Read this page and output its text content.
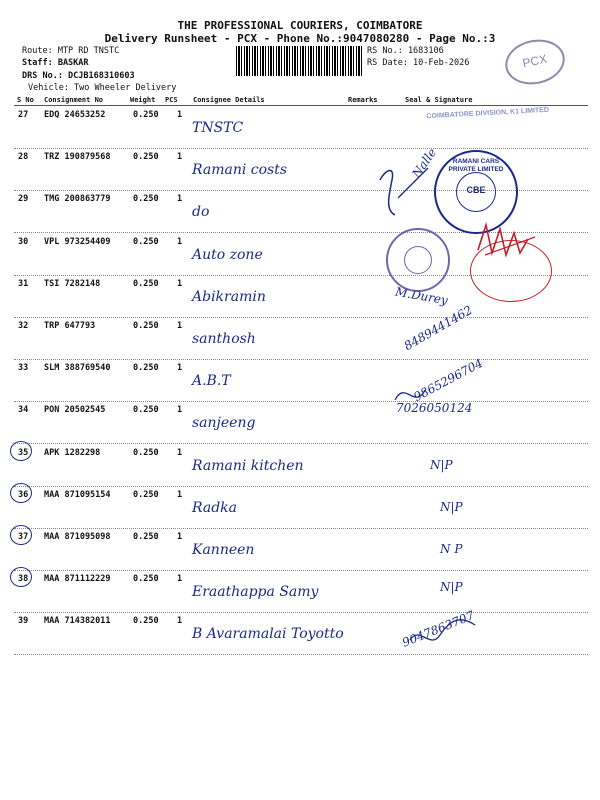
THE PROFESSIONAL COURIERS, COIMBATORE
Delivery Runsheet - PCX - Phone No.:9047080280 - Page No.:3
Route: MTP RD TNSTC
Staff: BASKAR
DRS No.: DCJB168310603
Vehicle: Two Wheeler Delivery
RS No.: 1683106
RS Date: 10-Feb-2026	PCX
S No Consignment No	Weight PCS Consignee Details	Remarks	Seal & Signature
27 EDQ 24653252	0.250 1
TNSTC
28 TRZ 190879568	0.250 1
Ramani costs	Nalle
29 TMG 200863779	0.250 1
do
30 VPL 973254409	0.250 1
Auto zone
31 TSI 7282148	0.250 1
Abikramin	M.Durey
32 TRP 647793	0.250 1
santhosh	8489441462
33 SLM 388769540	0.250 1
A.B.T	9865296704
34 PON 20502545	0.250 1
sanjeeng
7026050124
35 APK 1282298	0.250 1
Ramani kitchen	N|P
36 MAA 871095154	0.250 1
Radka	N|P
37 MAA 871095098	0.250 1
Kanneen	N P
38 MAA 871112229	0.250 1
Eraathappa Samy	N|P
39 MAA 714382011	0.250 1
B Avaramalai Toyotto	9047863707
COIMBATORE DIVISION, K1 LIMITED
CBE
RAMANI CARS PRIVATE LIMITED
